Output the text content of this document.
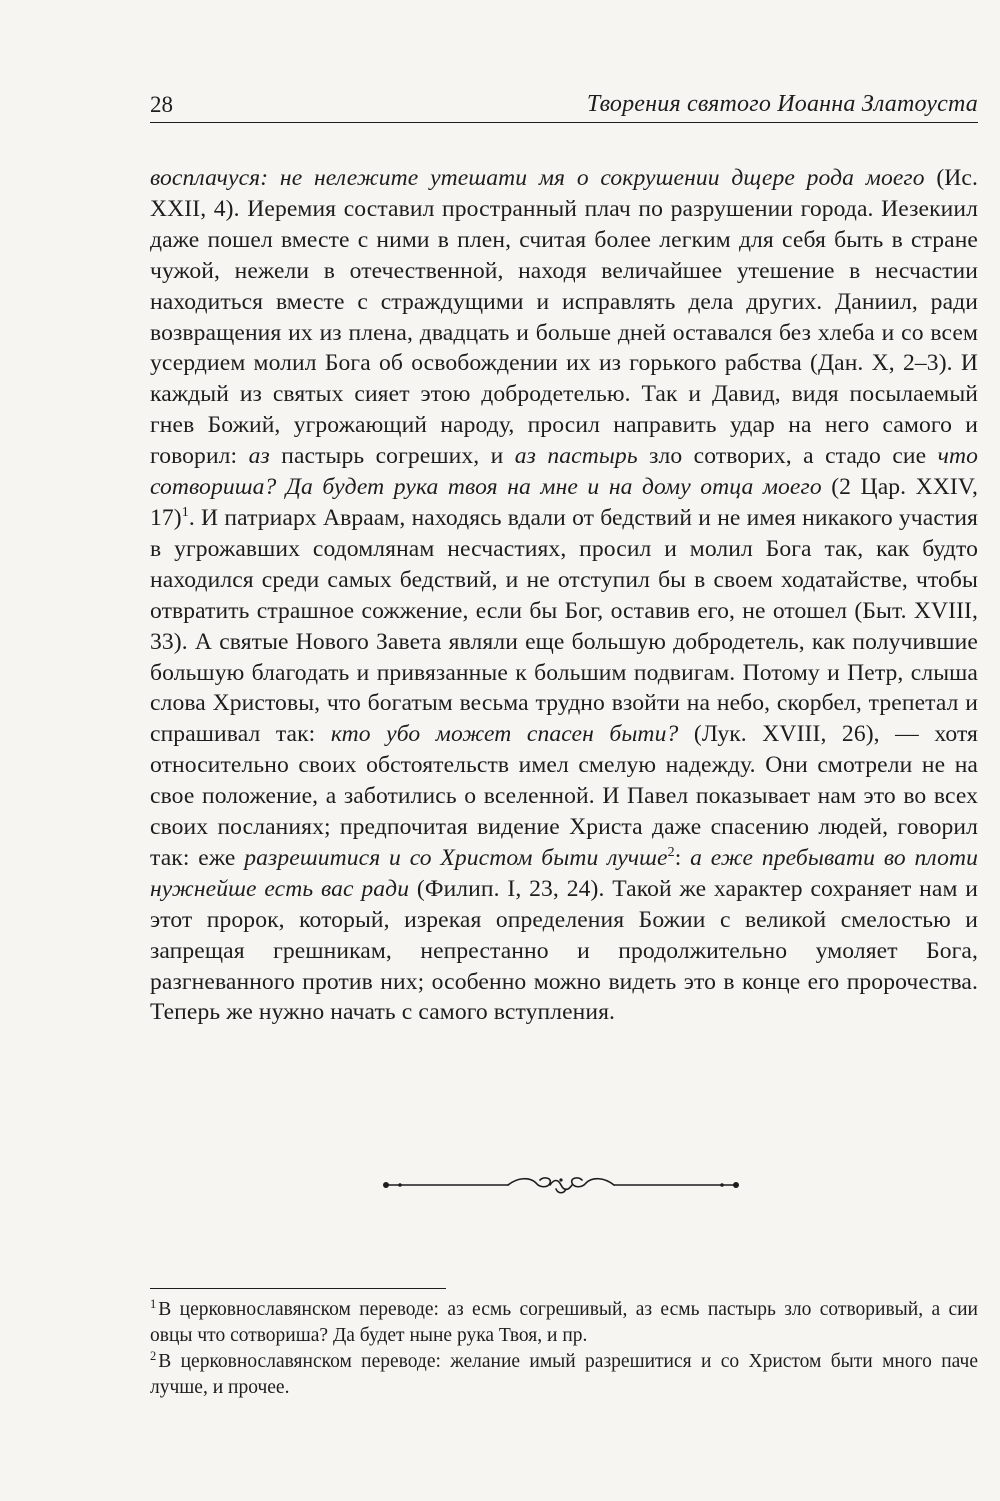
28	Творения святого Иоанна Златоуста

восплачуся: не нележите утешати мя о сокрушении дщере рода моего (Ис. XXII, 4). Иеремия составил пространный плач по разрушении города. Иезекиил даже пошел вместе с ними в плен, считая более легким для себя быть в стране чужой, нежели в отечественной, находя величайшее утешение в несчастии находиться вместе с страждущими и исправлять дела других. Даниил, ради возвращения их из плена, двадцать и больше дней оставался без хлеба и со всем усердием молил Бога об освобождении их из горького рабства (Дан. X, 2–3). И каждый из святых сияет этою добродетелью. Так и Давид, видя посылаемый гнев Божий, угрожающий народу, просил направить удар на него самого и говорил: аз пастырь согреших, и аз пастырь зло сотворих, а стадо сие что сотвориша? Да будет рука твоя на мне и на дому отца моего (2 Цар. XXIV, 17)$^1$. И патриарх Авраам, находясь вдали от бедствий и не имея никакого участия в угрожавших содомлянам несчастиях, просил и молил Бога так, как будто находился среди самых бедствий, и не отступил бы в своем ходатайстве, чтобы отвратить страшное сожжение, если бы Бог, оставив его, не отошел (Быт. XVIII, 33). А святые Нового Завета являли еще большую добродетель, как получившие большую благодать и привязанные к большим подвигам. Потому и Петр, слыша слова Христовы, что богатым весьма трудно взойти на небо, скорбел, трепетал и спрашивал так: кто убо может спасен быти? (Лук. XVIII, 26), — хотя относительно своих обстоятельств имел смелую надежду. Они смотрели не на свое положение, а заботились о вселенной. И Павел показывает нам это во всех своих посланиях; предпочитая видение Христа даже спасению людей, говорил так: еже разрешитися и со Христом быти лучше$^2$: а еже пребывати во плоти нужнейше есть вас ради (Филип. I, 23, 24). Такой же характер сохраняет нам и этот пророк, который, изрекая определения Божии с великой смелостью и запрещая грешникам, непрестанно и продолжительно умоляет Бога, разгневанного против них; особенно можно видеть это в конце его пророчества. Теперь же нужно начать с самого вступления.

$^1$ В церковнославянском переводе: аз есмь согрешивый, аз есмь пастырь зло сотворивый, а сии овцы что сотвориша? Да будет ныне рука Твоя, и пр.

$^2$ В церковнославянском переводе: желание имый разрешитися и со Христом быти много паче лучше, и прочее.
